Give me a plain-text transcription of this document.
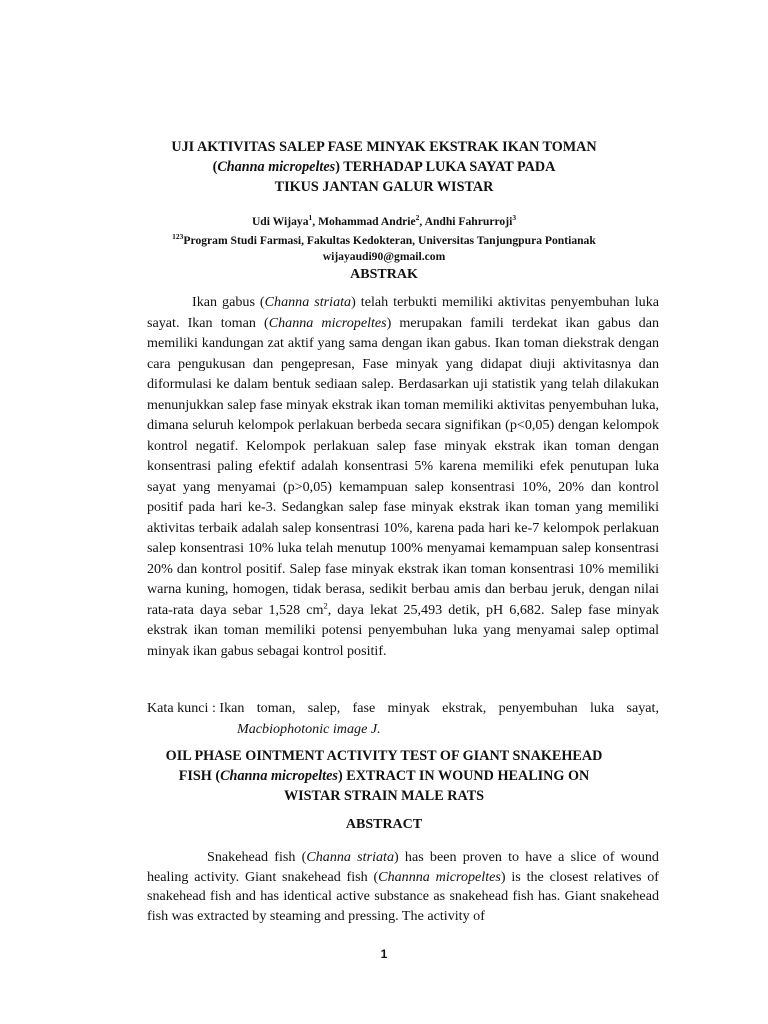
UJI AKTIVITAS SALEP FASE MINYAK EKSTRAK IKAN TOMAN
(Channa micropeltes) TERHADAP LUKA SAYAT PADA
TIKUS JANTAN GALUR WISTAR
Udi Wijaya$^1$, Mohammad Andrie$^2$, Andhi Fahrurroji$^3$
$^{123}$Program Studi Farmasi, Fakultas Kedokteran, Universitas Tanjungpura Pontianak
wijayaudi90@gmail.com
ABSTRAK
Ikan gabus (Channa striata) telah terbukti memiliki aktivitas penyembuhan luka sayat. Ikan toman (Channa micropeltes) merupakan famili terdekat ikan gabus dan memiliki kandungan zat aktif yang sama dengan ikan gabus. Ikan toman diekstrak dengan cara pengukusan dan pengepresan, Fase minyak yang didapat diuji aktivitasnya dan diformulasi ke dalam bentuk sediaan salep. Berdasarkan uji statistik yang telah dilakukan menunjukkan salep fase minyak ekstrak ikan toman memiliki aktivitas penyembuhan luka, dimana seluruh kelompok perlakuan berbeda secara signifikan (p<0,05) dengan kelompok kontrol negatif. Kelompok perlakuan salep fase minyak ekstrak ikan toman dengan konsentrasi paling efektif adalah konsentrasi 5% karena memiliki efek penutupan luka sayat yang menyamai (p>0,05) kemampuan salep konsentrasi 10%, 20% dan kontrol positif pada hari ke-3. Sedangkan salep fase minyak ekstrak ikan toman yang memiliki aktivitas terbaik adalah salep konsentrasi 10%, karena pada hari ke-7 kelompok perlakuan salep konsentrasi 10% luka telah menutup 100% menyamai kemampuan salep konsentrasi 20% dan kontrol positif. Salep fase minyak ekstrak ikan toman konsentrasi 10% memiliki warna kuning, homogen, tidak berasa, sedikit berbau amis dan berbau jeruk, dengan nilai rata-rata daya sebar 1,528 $cm^2$, daya lekat 25,493 detik, pH 6,682. Salep fase minyak ekstrak ikan toman memiliki potensi penyembuhan luka yang menyamai salep optimal minyak ikan gabus sebagai kontrol positif.
Kata kunci : Ikan toman, salep, fase minyak ekstrak, penyembuhan luka sayat,
Macbiophotonic image J.
OIL PHASE OINTMENT ACTIVITY TEST OF GIANT SNAKEHEAD
FISH (Channa micropeltes) EXTRACT IN WOUND HEALING ON
WISTAR STRAIN MALE RATS
ABSTRACT
Snakehead fish (Channa striata) has been proven to have a slice of wound healing activity. Giant snakehead fish (Channna micropeltes) is the closest relatives of snakehead fish and has identical active substance as snakehead fish has. Giant snakehead fish was extracted by steaming and pressing. The activity of
1
